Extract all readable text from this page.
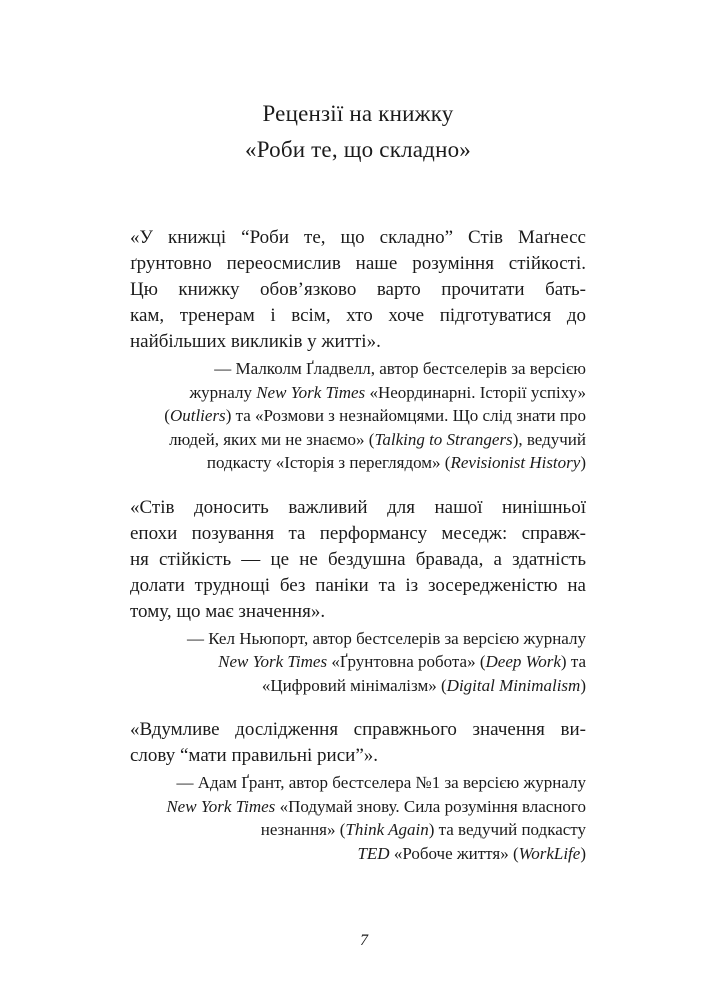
Рецензії на книжку
«Роби те, що складно»
«У книжці “Роби те, що складно” Стів Маґнесс
ґрунтовно переосмислив наше розуміння стійкості.
Цю книжку обов’язково варто прочитати бать-
кам, тренерам і всім, хто хоче підготуватися до
найбільших викликів у житті».
— Малколм Ґладвелл, автор бестселерів за версією
журналу New York Times «Неординарні. Історії успіху»
(Outliers) та «Розмови з незнайомцями. Що слід знати про
людей, яких ми не знаємо» (Talking to Strangers), ведучий
подкасту «Історія з переглядом» (Revisionist History)
«Стів доносить важливий для нашої нинішньої
епохи позування та перформансу меседж: справж-
ня стійкість — це не бездушна бравада, а здатність
долати труднощі без паніки та із зосередженістю на
тому, що має значення».
— Кел Ньюпорт, автор бестселерів за версією журналу
New York Times «Ґрунтовна робота» (Deep Work) та
«Цифровий мінімалізм» (Digital Minimalism)
«Вдумливе дослідження справжнього значення ви-
слову “мати правильні риси”».
— Адам Ґрант, автор бестселера №1 за версією журналу
New York Times «Подумай знову. Сила розуміння власного
незнання» (Think Again) та ведучий подкасту
TED «Робоче життя» (WorkLife)
7
